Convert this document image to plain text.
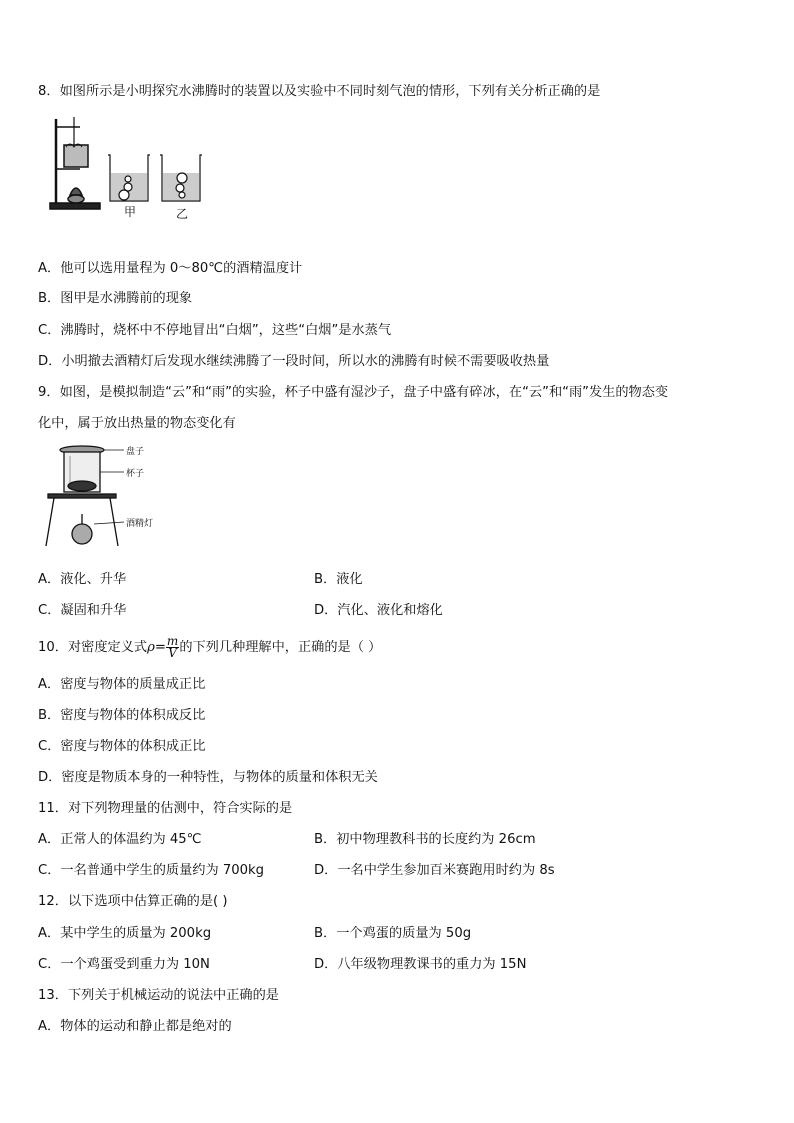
8．如图所示是小明探究水沸腾时的装置以及实验中不同时刻气泡的情形，下列有关分析正确的是
甲	乙
A．他可以选用量程为 0～80℃的酒精温度计
B．图甲是水沸腾前的现象
C．沸腾时，烧杯中不停地冒出“白烟”，这些“白烟”是水蒸气
D．小明撤去酒精灯后发现水继续沸腾了一段时间，所以水的沸腾有时候不需要吸收热量
9．如图，是模拟制造“云”和“雨”的实验，杯子中盛有湿沙子，盘子中盛有碎冰，在“云”和“雨”发生的物态变
化中，属于放出热量的物态变化有
盘子
杯子
酒精灯
A．液化、升华	B．液化
C．凝固和升华	D．汽化、液化和熔化
10．对密度定义式$\rho= \frac{m}{V}$ 的下列几种理解中，正确的是（ ）
A．密度与物体的质量成正比
B．密度与物体的体积成反比
C．密度与物体的体积成正比
D．密度是物质本身的一种特性，与物体的质量和体积无关
11．对下列物理量的估测中，符合实际的是
A．正常人的体温约为 45℃	B．初中物理教科书的长度约为 26cm
C．一名普通中学生的质量约为 700kg	D．一名中学生参加百米赛跑用时约为 8s
12．以下选项中估算正确的是( )
A．某中学生的质量为 200kg	B．一个鸡蛋的质量为 50g
C．一个鸡蛋受到重力为 10N	D．八年级物理教课书的重力为 15N
13．下列关于机械运动的说法中正确的是
A．物体的运动和静止都是绝对的
